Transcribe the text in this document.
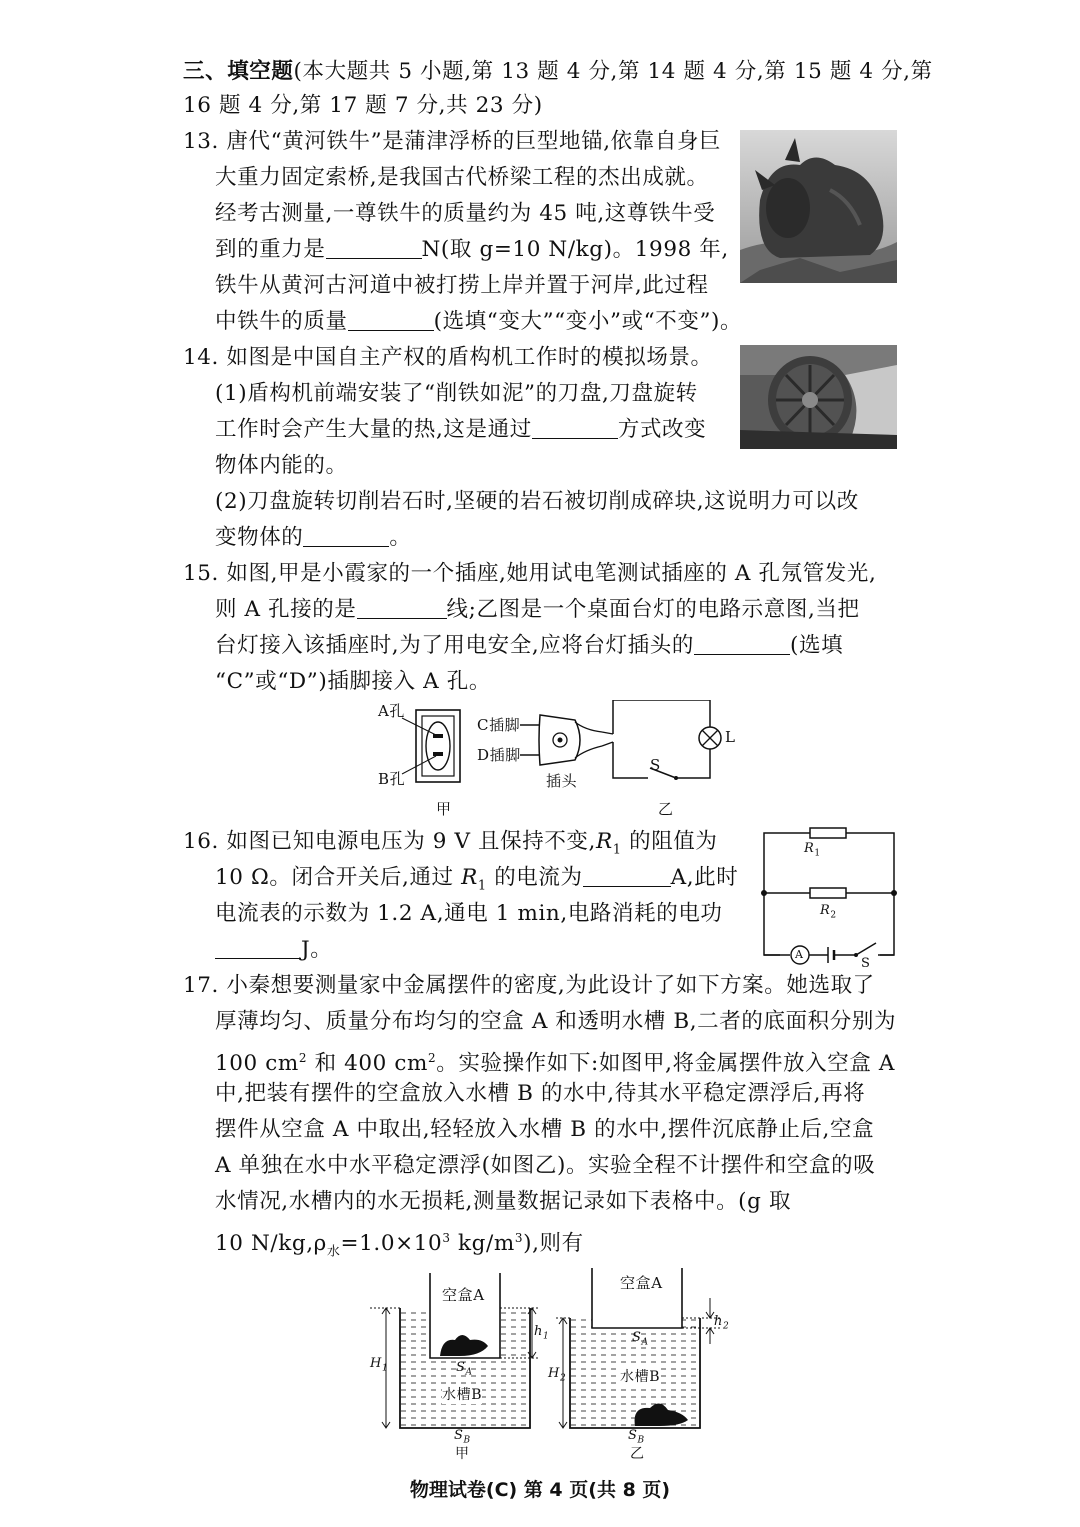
三、填空题(本大题共 5 小题,第 13 题 4 分,第 14 题 4 分,第 15 题 4 分,第
16 题 4 分,第 17 题 7 分,共 23 分)
13. 唐代“黄河铁牛”是蒲津浮桥的巨型地锚,依靠自身巨
大重力固定索桥,是我国古代桥梁工程的杰出成就。
经考古测量,一尊铁牛的质量约为 45 吨,这尊铁牛受
到的重力是	N(取 g=10 N/kg)。1998 年,
铁牛从黄河古河道中被打捞上岸并置于河岸,此过程
中铁牛的质量	(选填“变大”“变小”或“不变”)。
14. 如图是中国自主产权的盾构机工作时的模拟场景。
(1)盾构机前端安装了“削铁如泥”的刀盘,刀盘旋转
工作时会产生大量的热,这是通过	方式改变
物体内能的。
(2)刀盘旋转切削岩石时,坚硬的岩石被切削成碎块,这说明力可以改
变物体的	。
15. 如图,甲是小霞家的一个插座,她用试电笔测试插座的 A 孔氖管发光,
则 A 孔接的是	线;乙图是一个桌面台灯的电路示意图,当把
台灯接入该插座时,为了用电安全,应将台灯插头的	(选填
“C”或“D”)插脚接入 A 孔。
A孔
B孔
C插脚
D插脚
插头
L
S
甲	乙
16. 如图已知电源电压为 9 V 且保持不变$,R_1$ 的阻值为
10 Ω。闭合开关后,通过 $R_1$ 的电流为	A,此时
电流表的示数为 1.2 A,通电 1 min,电路消耗的电功
J。
$R_1$
$R_2$
A
S
17. 小秦想要测量家中金属摆件的密度,为此设计了如下方案。她选取了
厚薄均匀、质量分布均匀的空盒 A 和透明水槽 B,二者的底面积分别为
100 $cm^2$ 和 400 $cm^2$。实验操作如下:如图甲,将金属摆件放入空盒 A
中,把装有摆件的空盒放入水槽 B 的水中,待其水平稳定漂浮后,再将
摆件从空盒 A 中取出,轻轻放入水槽 B 的水中,摆件沉底静止后,空盒
A 单独在水中水平稳定漂浮(如图乙)。实验全程不计摆件和空盒的吸
水情况,水槽内的水无损耗,测量数据记录如下表格中。(g 取
10 $N/kg,\rho_水=1.0\times 10^3$ $kg/m^3$),则有
空盒A
水槽B
空盒A
水槽B
$h_1$
$h_2$
$H_1$	$H_2$
$S_A$
$S_A$
$S_B$	$S_B$
甲	乙
物理试卷(C) 第 4 页(共 8 页)
